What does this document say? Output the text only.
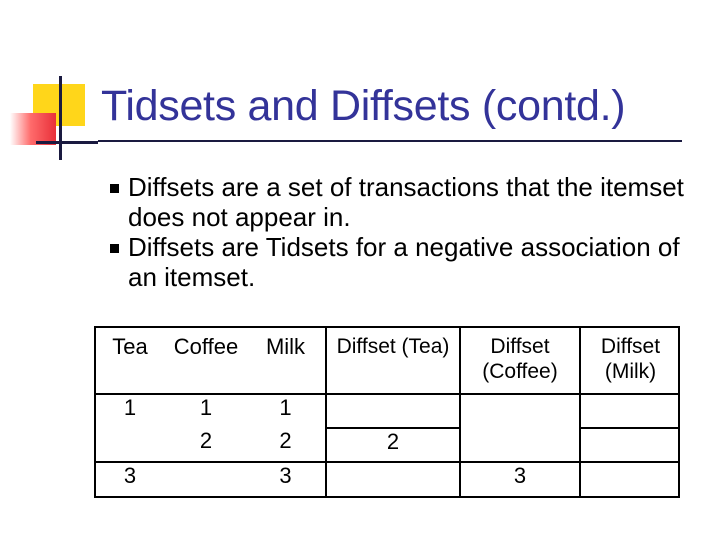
Tidsets and Diffsets (contd.)
Diffsets are a set of transactions that the itemset does not appear in.
Diffsets are Tidsets for a negative association of an itemset.
Tea	Coffee	Milk	Diffset (Tea)	Diffset (Coffee)	Diffset (Milk)
1	1	1			
	2	2	2		
3		3		3	
